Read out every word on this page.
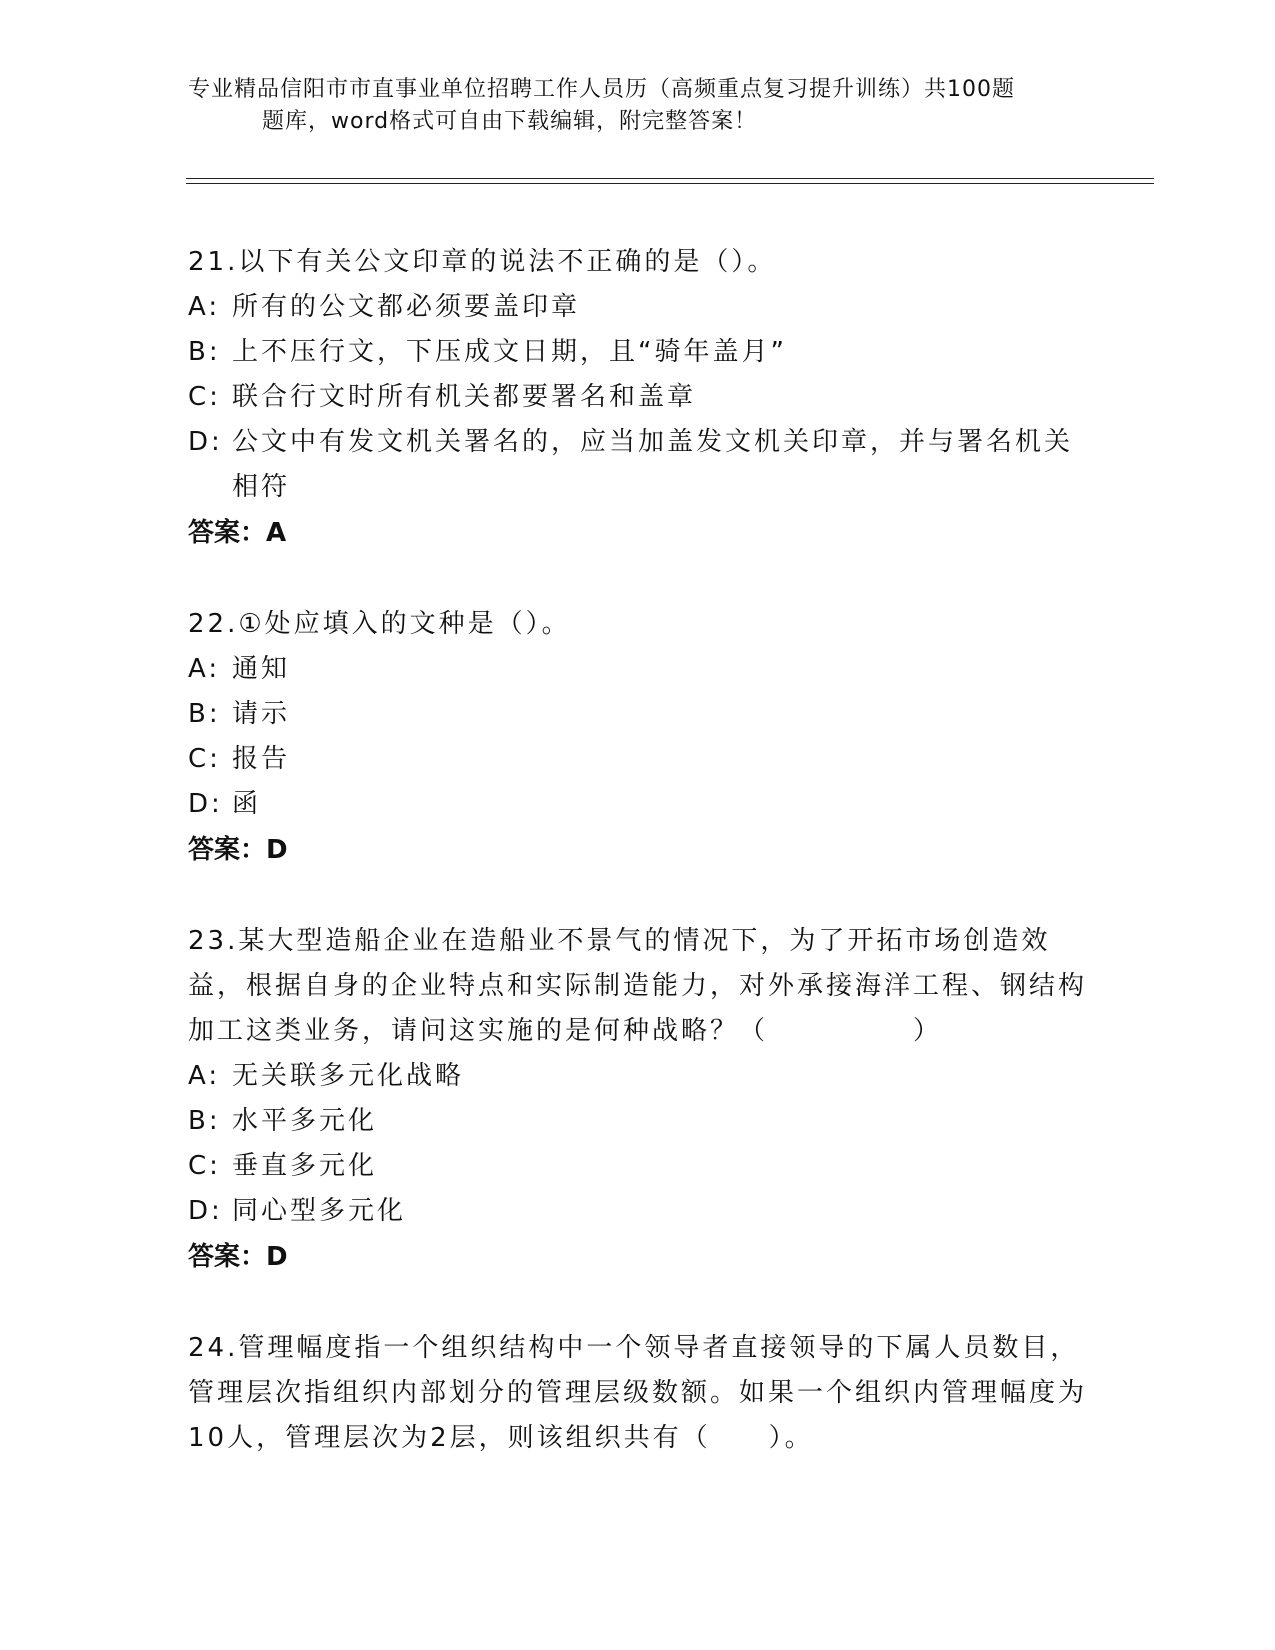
专业精品信阳市市直事业单位招聘工作人员历（高频重点复习提升训练）共100题
题库，word格式可自由下载编辑，附完整答案！

21.以下有关公文印章的说法不正确的是（）。

A: 所有的公文都必须要盖印章
B: 上不压行文，下压成文日期，且“骑年盖月”
C: 联合行文时所有机关都要署名和盖章
D: 公文中有发文机关署名的，应当加盖发文机关印章，并与署名机关相符

答案：A

22.①处应填入的文种是（）。

A: 通知
B: 请示
C: 报告
D: 函

答案：D

23.某大型造船企业在造船业不景气的情况下，为了开拓市场创造效益，根据自身的企业特点和实际制造能力，对外承接海洋工程、钢结构加工这类业务，请问这实施的是何种战略？（　　　　　）

A: 无关联多元化战略
B: 水平多元化
C: 垂直多元化
D: 同心型多元化

答案：D

24.管理幅度指一个组织结构中一个领导者直接领导的下属人员数目，管理层次指组织内部划分的管理层级数额。如果一个组织内管理幅度为10人，管理层次为2层，则该组织共有（　　）。
